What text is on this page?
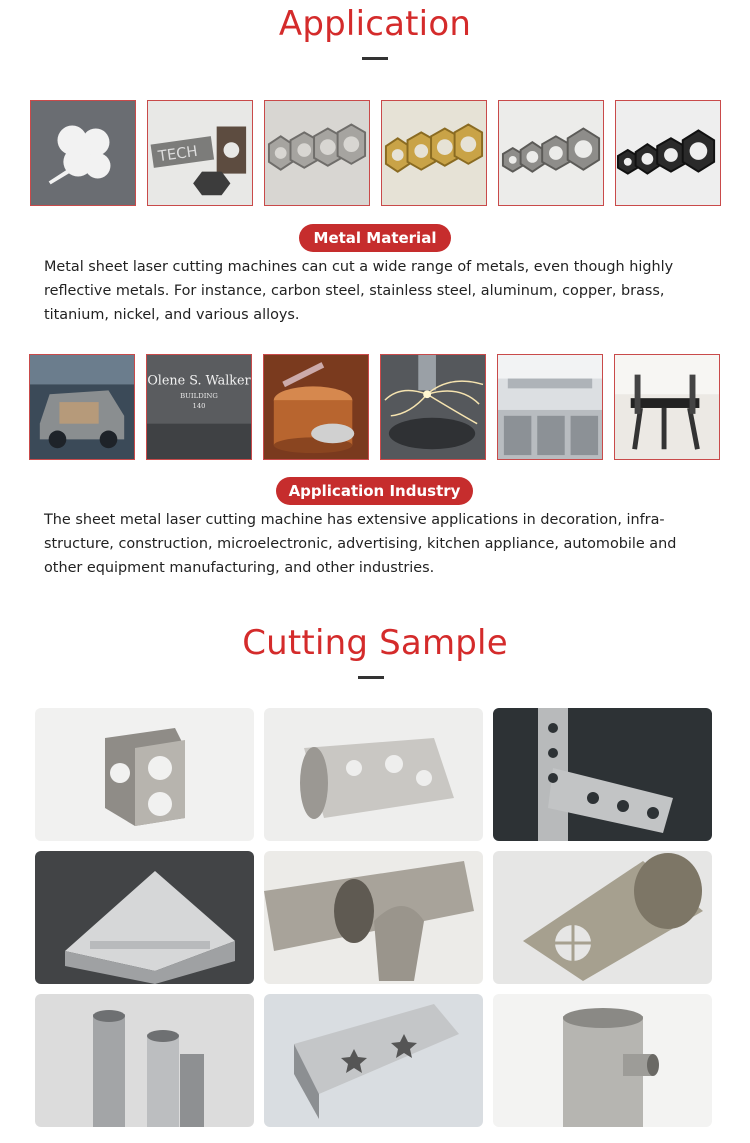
Application
TECH
Metal Material

Metal sheet laser cutting machines can cut a wide range of metals, even though highly

reflective metals. For instance, carbon steel, stainless steel, aluminum, copper, brass,

titanium, nickel, and various alloys.

Olene S. Walker
BUILDING
140
Application Industry

The sheet metal laser cutting machine has extensive applications in decoration, infra-

structure, construction, microelectronic, advertising, kitchen appliance, automobile and

other equipment manufacturing, and other industries.

Cutting Sample
